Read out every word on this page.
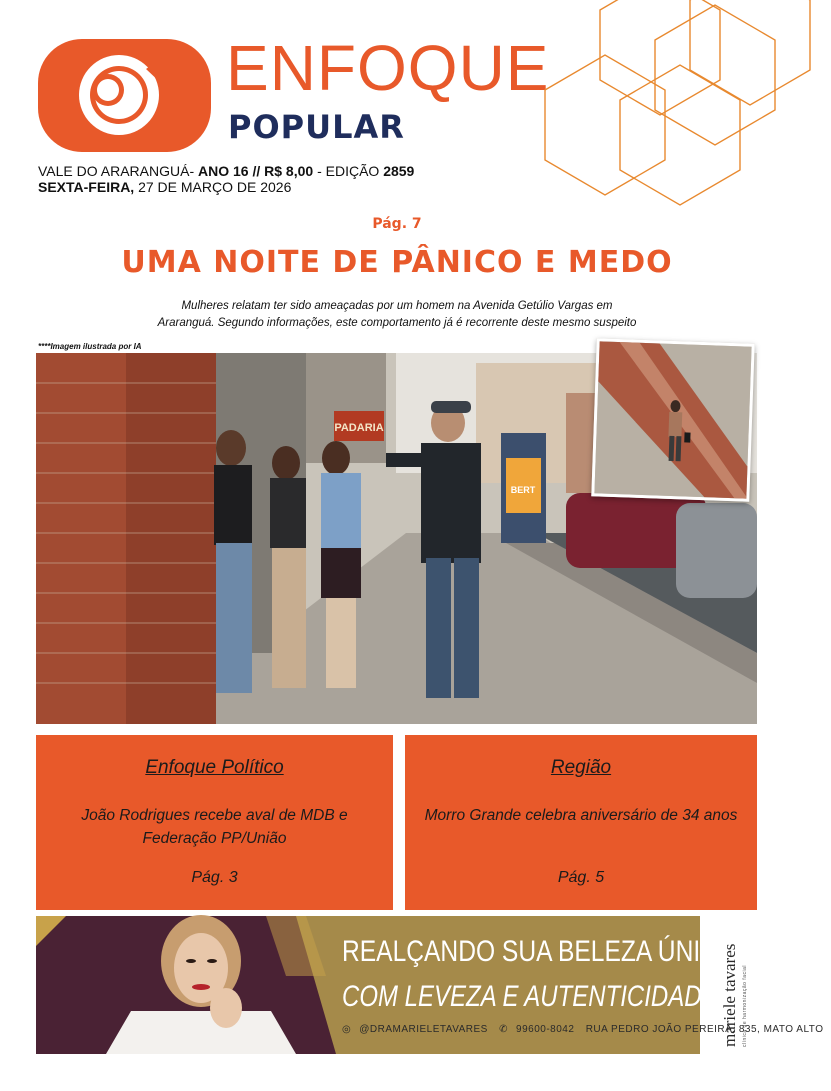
ENFOQUE
POPULAR
VALE DO ARARANGUÁ- ANO 16 // R$ 8,00 - EDIÇÃO 2859
SEXTA-FEIRA, 27 DE MARÇO DE 2026
Pág. 7
UMA NOITE DE PÂNICO E MEDO
Mulheres relatam ter sido ameaçadas por um homem na Avenida Getúlio Vargas em
Araranguá. Segundo informações, este comportamento já é recorrente deste mesmo suspeito
****Imagem ilustrada por IA
PADARIA
BERT
Enfoque Político
João Rodrigues recebe aval de MDB e Federação PP/União
Pág. 3
Região
Morro Grande celebra aniversário de 34 anos
Pág. 5
REALÇANDO SUA BELEZA ÚNICA,
COM LEVEZA E AUTENTICIDADE
◎ @DRAMARIELETAVARES ✆ 99600-8042 RUA PEDRO JOÃO PEREIRA, 835, MATO ALTO
mariele tavares clínica de harmonização facial
